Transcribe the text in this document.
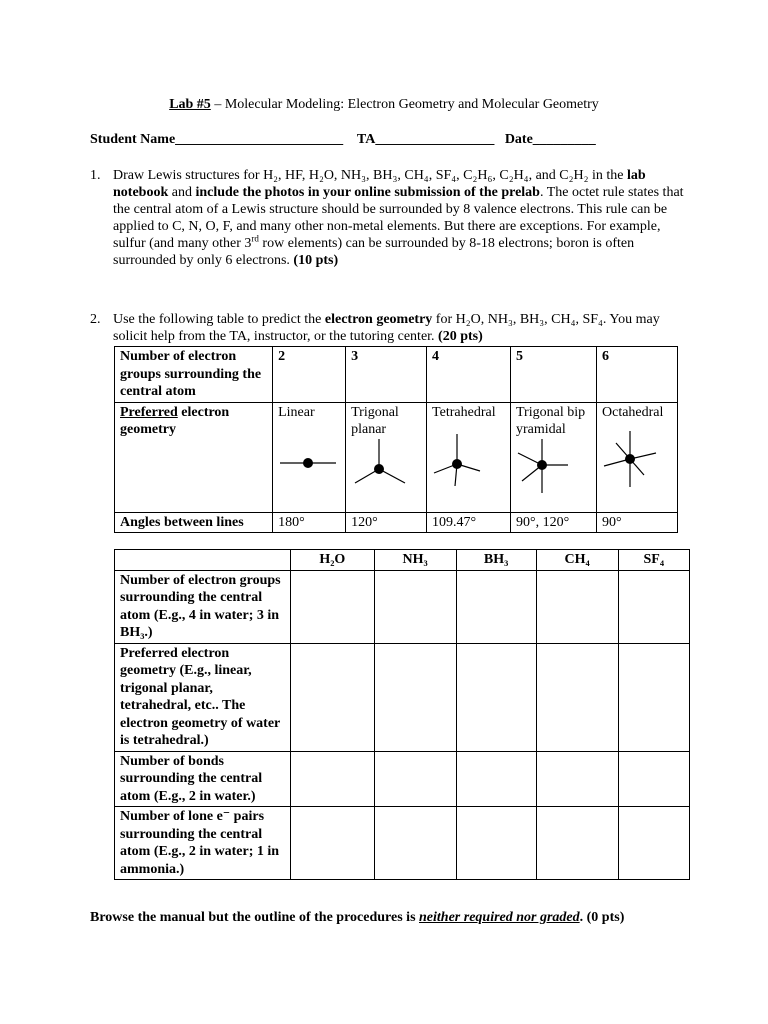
Lab #5 – Molecular Modeling: Electron Geometry and Molecular Geometry
Student Name________________________    TA_________________   Date_________
1. Draw Lewis structures for H₂, HF, H₂O, NH₃, BH₃, CH₄, SF₄, C₂H₆, C₂H₄, and C₂H₂ in the lab notebook and include the photos in your online submission of the prelab. The octet rule states that the central atom of a Lewis structure should be surrounded by 8 valence electrons. This rule can be applied to C, N, O, F, and many other non-metal elements. But there are exceptions. For example, sulfur (and many other 3rd row elements) can be surrounded by 8‑18 electrons; boron is often surrounded by only 6 electrons. (10 pts)
2. Use the following table to predict the electron geometry for H₂O, NH₃, BH₃, CH₄, SF₄. You may solicit help from the TA, instructor, or the tutoring center. (20 pts)
Number of electron groups surrounding the central atom	2	3	4	5	6
Preferred electron geometry	Linear	Trigonal planar	Tetrahedral	Trigonal bipyramidal	Octahedral

Angles between lines	180°	120°	109.47°	90°, 120°	90°
	H₂O	NH₃	BH₃	CH₄	SF₄
Number of electron groups surrounding the central atom (E.g., 4 in water; 3 in BH₃.)					
Preferred electron geometry (E.g., linear, trigonal planar, tetrahedral, etc.. The electron geometry of water is tetrahedral.)					
Number of bonds surrounding the central atom (E.g., 2 in water.)					
Number of lone e⁻ pairs surrounding the central atom (E.g., 2 in water; 1 in ammonia.)					
Browse the manual but the outline of the procedures is neither required nor graded. (0 pts)
